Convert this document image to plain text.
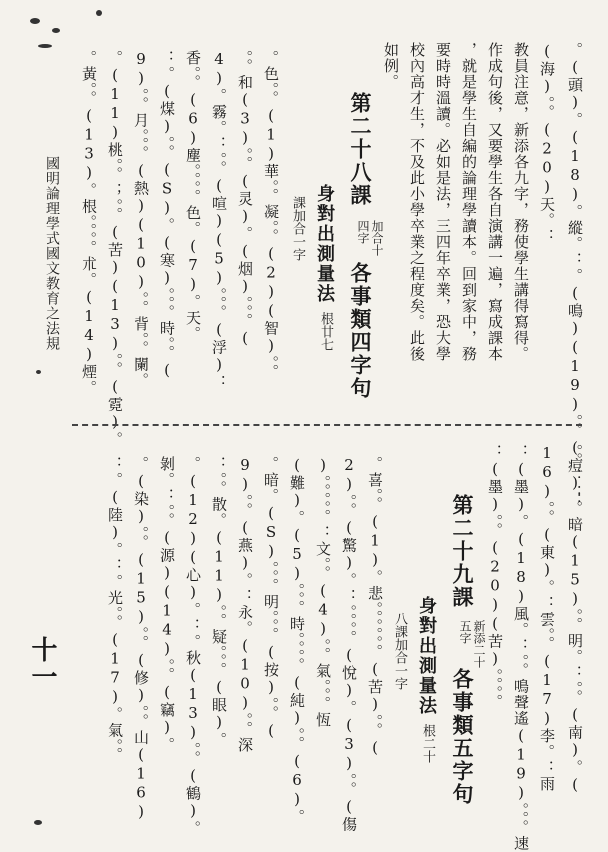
。(頭)。(18)。縱。：。(鳴)(19)。。(痘)：
(海)。。(20)天。：
教員注意，新添各九字，務使學生講得寫得。
作成句後，又要學生各自演講一遍，寫成課本
，就是學生自編的論理學讀本。回到家中，務
要時時溫讀。必如是法，三四年卒業，恐大學
校內高才生，不及此小學卒業之程度矣。此後
如例。
第二十八課
加合十四字
各事類四字句
身對出測量法
根廿七
課加合一字
。色。。(1)華。。凝。。(2)(智)。。
。。和(3)。。(灵)。(烟)。。。(
4)。霧。：。。(喧)(5)。。。(浮)：
香。。(6)塵。。。。色。(7)。天。
：。(煤)。。(S)。(寒)。。。時。。(
9)。。月。。。(熱)(10)。。背。。闌。
。(11)桃。。；。。(苦)(13)。。(霓)。
。黃。。(13)。根。。。。朮。(14)煙。
國明論理學式國文教育之法規
。。：：。暗(15)。。明。：。。(南)。(
16)。。(東)。：雲。。(17)李。：雨
：(墨)。(18)風。：。。鳴聲遙(19)。。。速
：(墨)。。(20)(苦)。。。。
第二十九課
新添二十五字
各事類五字句
身對出測量法
根二十
八課加合一字
。喜。。(1)。悲。。。。。。(苦)。。(
2)。。(驚)。：。。。。(悅)。(3)。。(傷
)。。。。。：文。。(4)。。氣。。。恆
(難)。(5)。。。時。。。。(純)。。(6)。
。暗。(S)。。。明。。。(按)。。(
9)。。(燕)。：永。(10)。。深
：。。散。(11)。。疑。。。(眼)。
。(12)(心)。：。秋(13)。。(鶴)。
剝。：。。(源)(14)。。(竊)。
。(染)。。(15)。。(修)。。山(16)
：。(陸)。：。光。。(17)。氣。。
十一
